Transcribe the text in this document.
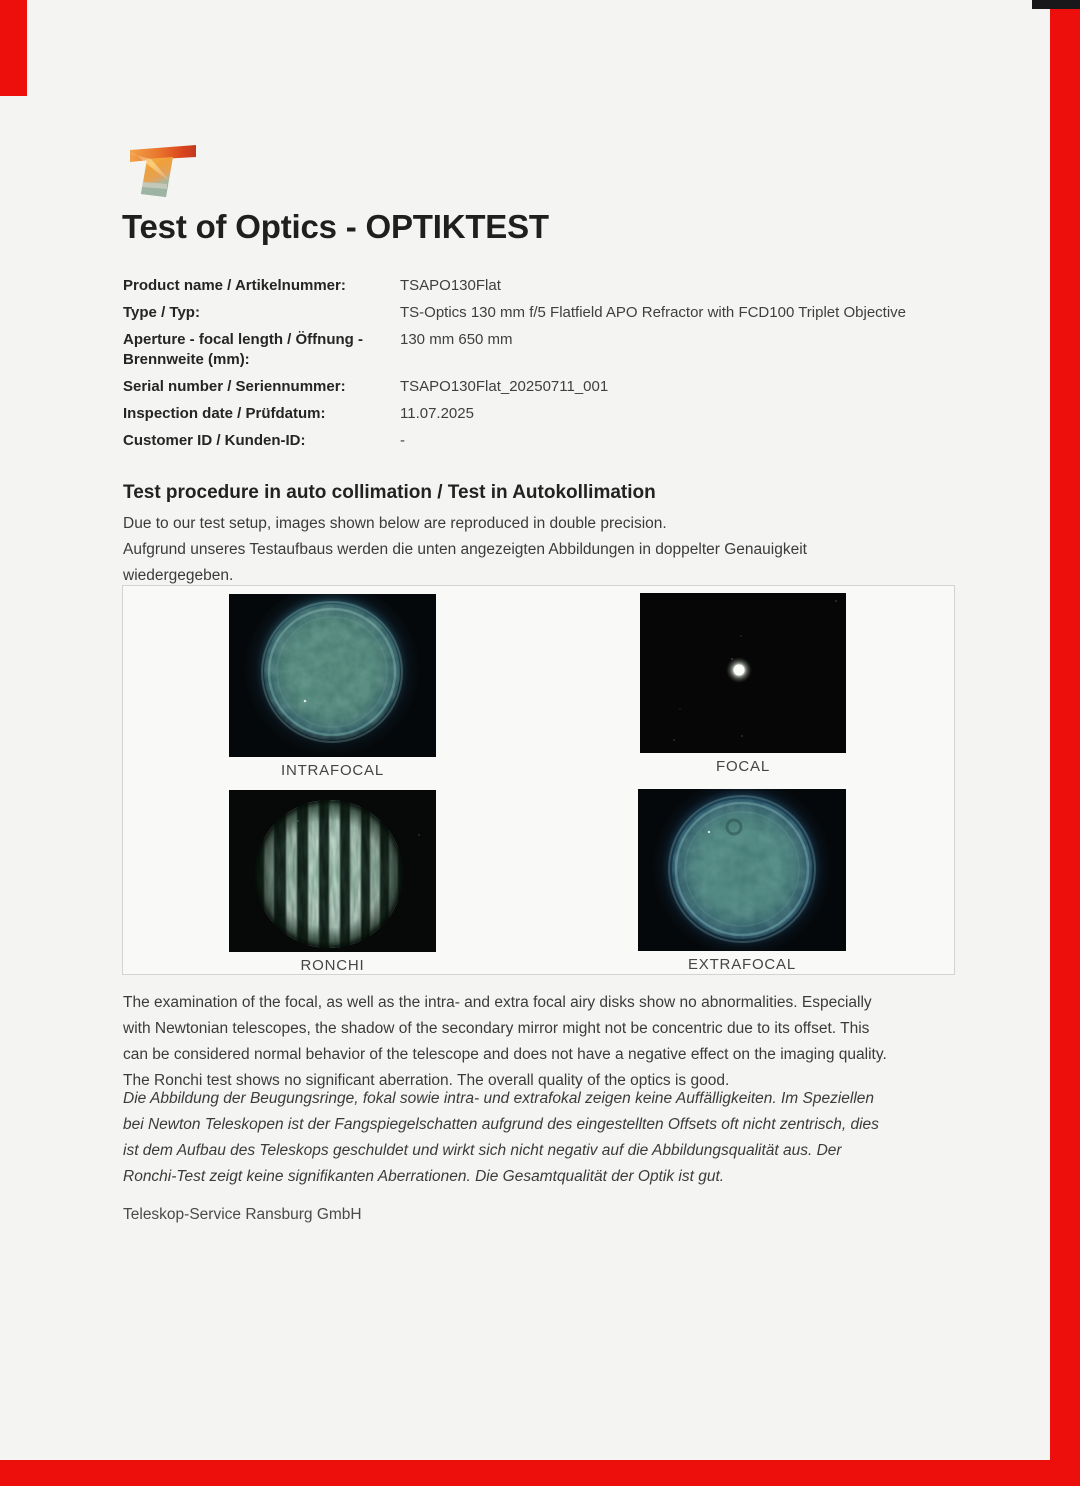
Test of Optics - OPTIKTEST
Product name / Artikelnummer:	TSAPO130Flat
Type / Typ:	TS-Optics 130 mm f/5 Flatfield APO Refractor with FCD100 Triplet Objective
Aperture - focal length / Öffnung - Brennweite (mm):
130 mm 650 mm
Serial number / Seriennummer:	TSAPO130Flat_20250711_001
Inspection date / Prüfdatum:	11.07.2025
Customer ID / Kunden-ID:	-
Test procedure in auto collimation / Test in Autokollimation
Due to our test setup, images shown below are reproduced in double precision.
Aufgrund unseres Testaufbaus werden die unten angezeigten Abbildungen in doppelter Genauigkeit
wiedergegeben.
INTRAFOCAL	FOCAL
RONCHI	EXTRAFOCAL
The examination of the focal, as well as the intra- and extra focal airy disks show no abnormalities. Especially
with Newtonian telescopes, the shadow of the secondary mirror might not be concentric due to its offset. This
can be considered normal behavior of the telescope and does not have a negative effect on the imaging quality.
The Ronchi test shows no significant aberration. The overall quality of the optics is good.
Die Abbildung der Beugungsringe, fokal sowie intra- und extrafokal zeigen keine Auffälligkeiten. Im Speziellen
bei Newton Teleskopen ist der Fangspiegelschatten aufgrund des eingestellten Offsets oft nicht zentrisch, dies
ist dem Aufbau des Teleskops geschuldet und wirkt sich nicht negativ auf die Abbildungsqualität aus. Der
Ronchi-Test zeigt keine signifikanten Aberrationen. Die Gesamtqualität der Optik ist gut.
Teleskop-Service Ransburg GmbH
